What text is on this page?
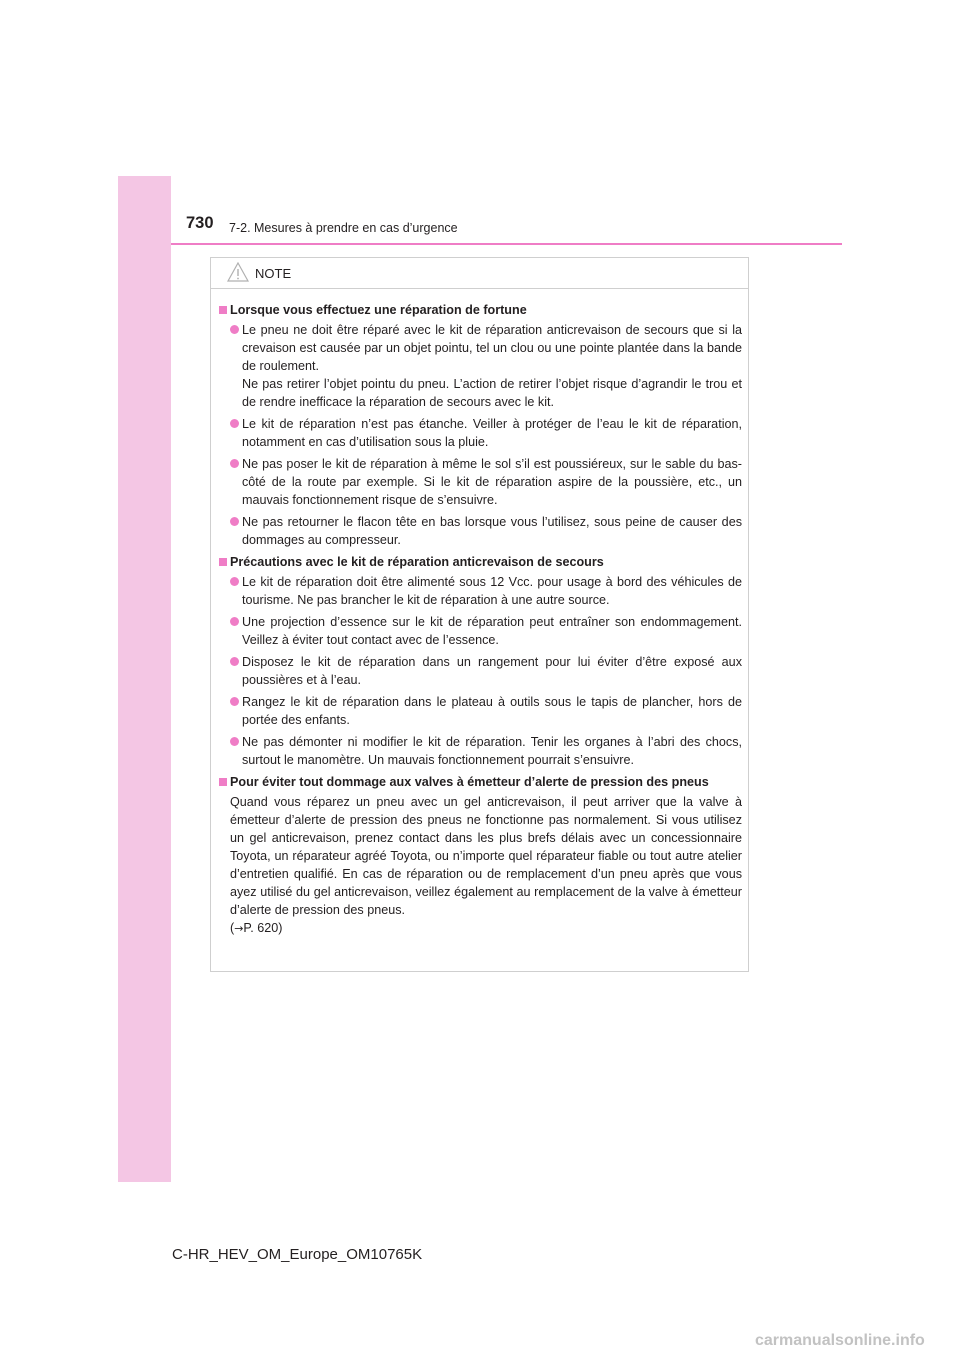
730 7-2. Mesures à prendre en cas d’urgence
NOTE
Lorsque vous effectuez une réparation de fortune

Le pneu ne doit être réparé avec le kit de réparation anticrevaison de secours que si la crevaison est causée par un objet pointu, tel un clou ou une pointe plantée dans la bande de roulement.

Ne pas retirer l’objet pointu du pneu. L’action de retirer l’objet risque d’agrandir le trou et de rendre inefficace la réparation de secours avec le kit.

Le kit de réparation n’est pas étanche. Veiller à protéger de l’eau le kit de réparation, notamment en cas d’utilisation sous la pluie.

Ne pas poser le kit de réparation à même le sol s’il est poussiéreux, sur le sable du bas-côté de la route par exemple. Si le kit de réparation aspire de la poussière, etc., un mauvais fonctionnement risque de s’ensuivre.

Ne pas retourner le flacon tête en bas lorsque vous l’utilisez, sous peine de causer des dommages au compresseur.

Précautions avec le kit de réparation anticrevaison de secours

Le kit de réparation doit être alimenté sous 12 Vcc. pour usage à bord des véhicules de tourisme. Ne pas brancher le kit de réparation à une autre source.

Une projection d’essence sur le kit de réparation peut entraîner son endommagement. Veillez à éviter tout contact avec de l’essence.

Disposez le kit de réparation dans un rangement pour lui éviter d’être exposé aux poussières et à l’eau.

Rangez le kit de réparation dans le plateau à outils sous le tapis de plancher, hors de portée des enfants.

Ne pas démonter ni modifier le kit de réparation. Tenir les organes à l’abri des chocs, surtout le manomètre. Un mauvais fonctionnement pourrait s’ensuivre.

Pour éviter tout dommage aux valves à émetteur d’alerte de pression des pneus

Quand vous réparez un pneu avec un gel anticrevaison, il peut arriver que la valve à émetteur d’alerte de pression des pneus ne fonctionne pas normalement. Si vous utilisez un gel anticrevaison, prenez contact dans les plus brefs délais avec un concessionnaire Toyota, un réparateur agréé Toyota, ou n’importe quel réparateur fiable ou tout autre atelier d’entretien qualifié. En cas de réparation ou de remplacement d’un pneu après que vous ayez utilisé du gel anticrevaison, veillez également au remplacement de la valve à émetteur d’alerte de pression des pneus.

(→P. 620)

C-HR_HEV_OM_Europe_OM10765K
carmanualsonline.info
